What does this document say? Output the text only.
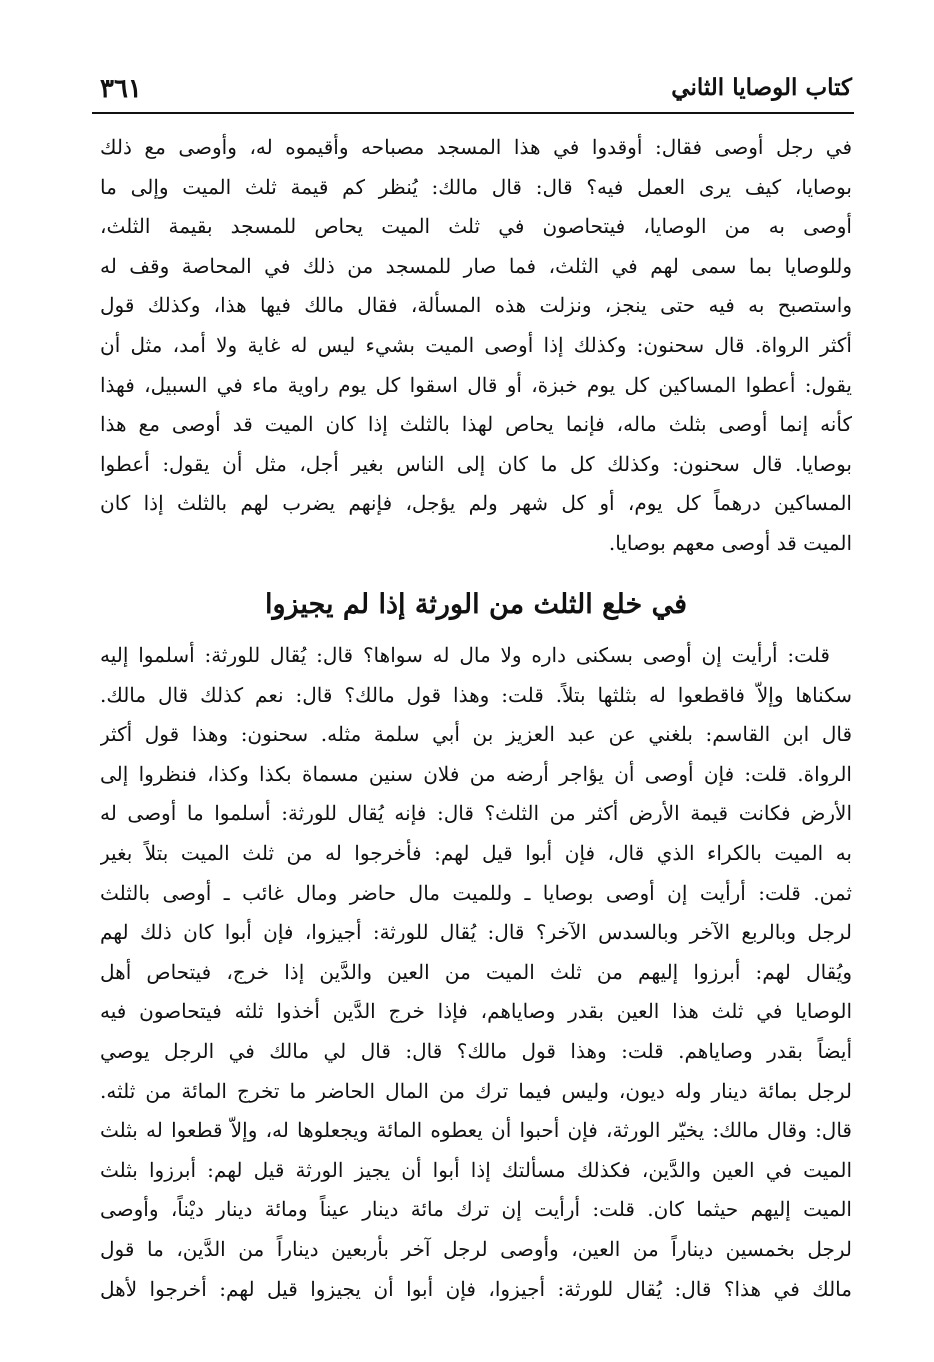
٣٦١	كتاب الوصايا الثاني
في رجل أوصى فقال: أوقدوا في هذا المسجد مصباحه وأقيموه له، وأوصى مع ذلك
بوصايا، كيف يرى العمل فيه؟ قال: قال مالك: يُنظر كم قيمة ثلث الميت وإلى ما
أوصى به من الوصايا، فيتحاصون في ثلث الميت يحاص للمسجد بقيمة الثلث،
وللوصايا بما سمى لهم في الثلث، فما صار للمسجد من ذلك في المحاصة وقف له
واستصبح به فيه حتى ينجز، ونزلت هذه المسألة، فقال مالك فيها هذا، وكذلك قول
أكثر الرواة. قال سحنون: وكذلك إذا أوصى الميت بشيء ليس له غاية ولا أمد، مثل أن
يقول: أعطوا المساكين كل يوم خبزة، أو قال اسقوا كل يوم راوية ماء في السبيل، فهذا
كأنه إنما أوصى بثلث ماله، فإنما يحاص لهذا بالثلث إذا كان الميت قد أوصى مع هذا
بوصايا. قال سحنون: وكذلك كل ما كان إلى الناس بغير أجل، مثل أن يقول: أعطوا
المساكين درهماً كل يوم، أو كل شهر ولم يؤجل، فإنهم يضرب لهم بالثلث إذا كان
الميت قد أوصى معهم بوصايا.
في خلع الثلث من الورثة إذا لم يجيزوا
قلت: أرأيت إن أوصى بسكنى داره ولا مال له سواها؟ قال: يُقال للورثة: أسلموا إليه
سكناها وإلاّ فاقطعوا له بثلثها بتلاً. قلت: وهذا قول مالك؟ قال: نعم كذلك قال مالك.
قال ابن القاسم: بلغني عن عبد العزيز بن أبي سلمة مثله. سحنون: وهذا قول أكثر
الرواة. قلت: فإن أوصى أن يؤاجر أرضه من فلان سنين مسماة بكذا وكذا، فنظروا إلى
الأرض فكانت قيمة الأرض أكثر من الثلث؟ قال: فإنه يُقال للورثة: أسلموا ما أوصى له
به الميت بالكراء الذي قال، فإن أبوا قيل لهم: فأخرجوا له من ثلث الميت بتلاً بغير
ثمن. قلت: أرأيت إن أوصى بوصايا ـ وللميت مال حاضر ومال غائب ـ أوصى بالثلث
لرجل وبالربع الآخر وبالسدس الآخر؟ قال: يُقال للورثة: أجيزوا، فإن أبوا كان ذلك لهم
ويُقال لهم: أبرزوا إليهم من ثلث الميت من العين والدَّين إذا خرج، فيتحاص أهل
الوصايا في ثلث هذا العين بقدر وصاياهم، فإذا خرج الدَّين أخذوا ثلثه فيتحاصون فيه
أيضاً بقدر وصاياهم. قلت: وهذا قول مالك؟ قال: قال لي مالك في الرجل يوصي
لرجل بمائة دينار وله ديون، وليس فيما ترك من المال الحاضر ما تخرج المائة من ثلثه.
قال: وقال مالك: يخيّر الورثة، فإن أحبوا أن يعطوه المائة ويجعلوها له، وإلاّ قطعوا له بثلث
الميت في العين والدَّين، فكذلك مسألتك إذا أبوا أن يجيز الورثة قيل لهم: أبرزوا بثلث
الميت إليهم حيثما كان. قلت: أرأيت إن ترك مائة دينار عيناً ومائة دينار ديْناً، وأوصى
لرجل بخمسين ديناراً من العين، وأوصى لرجل آخر بأربعين ديناراً من الدَّين، ما قول
مالك في هذا؟ قال: يُقال للورثة: أجيزوا، فإن أبوا أن يجيزوا قيل لهم: أخرجوا لأهل
